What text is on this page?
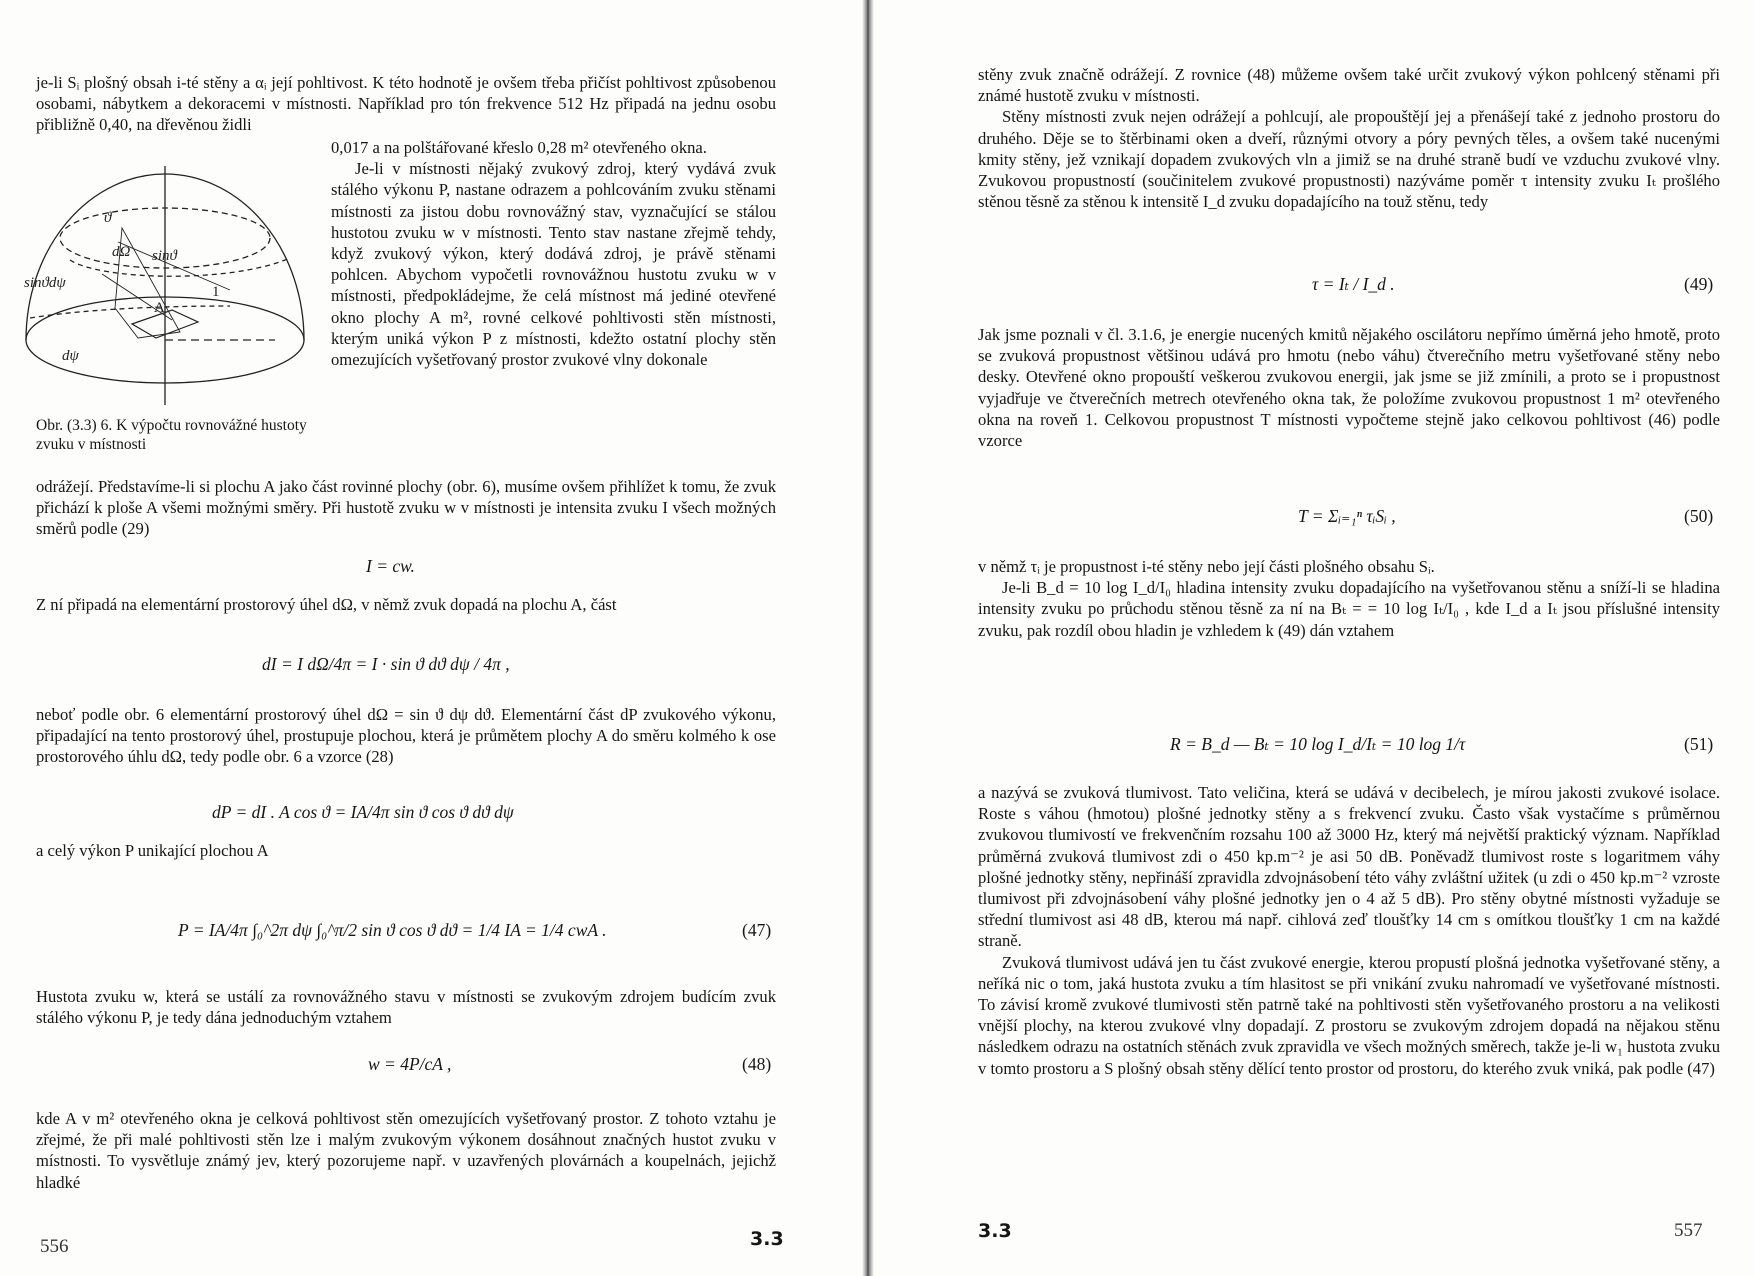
je-li Sᵢ plošný obsah i-té stěny a αᵢ její pohltivost. K této hodnotě je ovšem třeba přičíst pohltivost způsobenou osobami, nábytkem a dekoracemi v místnosti. Například pro tón frekvence 512 Hz připadá na jednu osobu přibližně 0,40, na dřevěnou židli

0,017 a na polštářované křeslo 0,28 m² otevřeného okna.

Je-li v místnosti nějaký zvukový zdroj, který vydává zvuk stálého výkonu P, nastane odrazem a pohlcováním zvuku stěnami místnosti za jistou dobu rovnovážný stav, vyznačující se stálou hustotou zvuku w v místnosti. Tento stav nastane zřejmě tehdy, když zvukový výkon, který dodává zdroj, je právě stěnami pohlcen. Abychom vypočetli rovnovážnou hustotu zvuku w v místnosti, předpokládejme, že celá místnost má jediné otevřené okno plochy A m², rovné celkové pohltivosti stěn místnosti, kterým uniká výkon P z místnosti, kdežto ostatní plochy stěn omezujících vyšetřovaný prostor zvukové vlny dokonale

odrážejí. Představíme-li si plochu A jako část rovinné plochy (obr. 6), musíme ovšem přihlížet k tomu, že zvuk přichází k ploše A všemi možnými směry. Při hustotě zvuku w v místnosti je intensita zvuku I všech možných směrů podle (29)

ϑ
dΩ sinϑ
sinϑdψ
1
A
dψ
Obr. (3.3) 6. K výpočtu rovnovážné hustoty zvuku v místnosti
I = cw.

Z ní připadá na elementární prostorový úhel dΩ, v němž zvuk dopadá na plochu A, část

dI = I dΩ/4π = I · sin ϑ dϑ dψ / 4π ,

neboť podle obr. 6 elementární prostorový úhel dΩ = sin ϑ dψ dϑ. Elementární část dP zvukového výkonu, připadající na tento prostorový úhel, prostupuje plochou, která je průmětem plochy A do směru kolmého k ose prostorového úhlu dΩ, tedy podle obr. 6 a vzorce (28)

dP = dI . A cos ϑ = IA/4π sin ϑ cos ϑ dϑ dψ

a celý výkon P unikající plochou A

P = IA/4π ∫₀^2π dψ ∫₀^π/2 sin ϑ cos ϑ dϑ = 1/4 IA = 1/4 cwA .	(47)

Hustota zvuku w, která se ustálí za rovnovážného stavu v místnosti se zvukovým zdrojem budícím zvuk stálého výkonu P, je tedy dána jednoduchým vztahem

w = 4P/cA ,	(48)

kde A v m² otevřeného okna je celková pohltivost stěn omezujících vyšetřovaný prostor. Z tohoto vztahu je zřejmé, že při malé pohltivosti stěn lze i malým zvukovým výkonem dosáhnout značných hustot zvuku v místnosti. To vysvětluje známý jev, který pozorujeme např. v uzavřených plovárnách a koupelnách, jejichž hladké

556	3.3

stěny zvuk značně odrážejí. Z rovnice (48) můžeme ovšem také určit zvukový výkon pohlcený stěnami při známé hustotě zvuku v místnosti.

Stěny místnosti zvuk nejen odrážejí a pohlcují, ale propouštějí jej a přenášejí také z jednoho prostoru do druhého. Děje se to štěrbinami oken a dveří, různými otvory a póry pevných těles, a ovšem také nucenými kmity stěny, jež vznikají dopadem zvukových vln a jimiž se na druhé straně budí ve vzduchu zvukové vlny. Zvukovou propustností (součinitelem zvukové propustnosti) nazýváme poměr τ intensity zvuku Iₜ prošlého stěnou těsně za stěnou k intensitě I_d zvuku dopadajícího na touž stěnu, tedy

τ = Iₜ / I_d .	(49)

Jak jsme poznali v čl. 3.1.6, je energie nucených kmitů nějakého oscilátoru nepřímo úměrná jeho hmotě, proto se zvuková propustnost většinou udává pro hmotu (nebo váhu) čtverečního metru vyšetřované stěny nebo desky. Otevřené okno propouští veškerou zvukovou energii, jak jsme se již zmínili, a proto se i propustnost vyjadřuje ve čtverečních metrech otevřeného okna tak, že položíme zvukovou propustnost 1 m² otevřeného okna na roveň 1. Celkovou propustnost T místnosti vypočteme stejně jako celkovou pohltivost (46) podle vzorce

T = Σᵢ₌₁ⁿ τᵢSᵢ ,	(50)

v němž τᵢ je propustnost i-té stěny nebo její části plošného obsahu Sᵢ.

Je-li B_d = 10 log I_d/I₀ hladina intensity zvuku dopadajícího na vyšetřovanou stěnu a sníží-li se hladina intensity zvuku po průchodu stěnou těsně za ní na Bₜ = = 10 log Iₜ/I₀ , kde I_d a Iₜ jsou příslušné intensity zvuku, pak rozdíl obou hladin je vzhledem k (49) dán vztahem

R = B_d — Bₜ = 10 log I_d/Iₜ = 10 log 1/τ	(51)

a nazývá se zvuková tlumivost. Tato veličina, která se udává v decibelech, je mírou jakosti zvukové isolace. Roste s váhou (hmotou) plošné jednotky stěny a s frekvencí zvuku. Často však vystačíme s průměrnou zvukovou tlumivostí ve frekvenčním rozsahu 100 až 3000 Hz, který má největší praktický význam. Například průměrná zvuková tlumivost zdi o 450 kp.m⁻² je asi 50 dB. Poněvadž tlumivost roste s logaritmem váhy plošné jednotky stěny, nepřináší zpravidla zdvojnásobení této váhy zvláštní užitek (u zdi o 450 kp.m⁻² vzroste tlumivost při zdvojnásobení váhy plošné jednotky jen o 4 až 5 dB). Pro stěny obytné místnosti vyžaduje se střední tlumivost asi 48 dB, kterou má např. cihlová zeď tloušťky 14 cm s omítkou tloušťky 1 cm na každé straně.

Zvuková tlumivost udává jen tu část zvukové energie, kterou propustí plošná jednotka vyšetřované stěny, a neříká nic o tom, jaká hustota zvuku a tím hlasitost se při vnikání zvuku nahromadí ve vyšetřované místnosti. To závisí kromě zvukové tlumivosti stěn patrně také na pohltivosti stěn vyšetřovaného prostoru a na velikosti vnější plochy, na kterou zvukové vlny dopadají. Z prostoru se zvukovým zdrojem dopadá na nějakou stěnu následkem odrazu na ostatních stěnách zvuk zpravidla ve všech možných směrech, takže je-li w₁ hustota zvuku v tomto prostoru a S plošný obsah stěny dělící tento prostor od prostoru, do kterého zvuk vniká, pak podle (47)

3.3	557
